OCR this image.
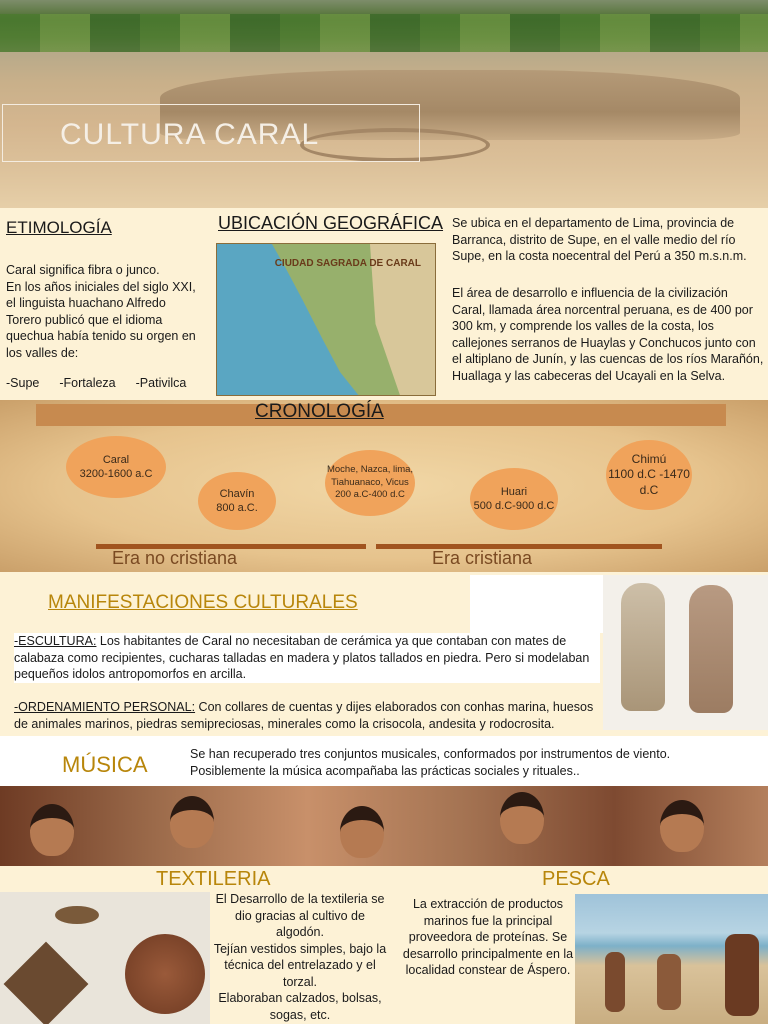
CULTURA CARAL
ETIMOLOGÍA
Caral significa fibra o junco.
En los años iniciales del siglo XXI, el linguista huachano Alfredo Torero publicó que el idioma quechua había tenido su orgen en los valles de:
-Supe -Fortaleza -Pativilca
UBICACIÓN GEOGRÁFICA
CIUDAD SAGRADA DE CARAL
Se ubica en el departamento de Lima, provincia de Barranca, distrito de Supe, en el valle medio del río Supe, en la costa noecentral del Perú a 350 m.s.n.m.
El área de desarrollo e influencia de la civilización Caral, llamada área norcentral peruana, es de 400 por 300 km, y comprende los valles de la costa, los callejones serranos de Huaylas y Conchucos junto con el altiplano de Junín, y las cuencas de los ríos Marañón, Huallaga y las cabeceras del Ucayali en la Selva.
Caral
3200-1600 a.C
Chavín
800 a.C.
Moche, Nazca, lima, Tiahuanaco, Vicus
200 a.C-400 d.C	Huari
500 d.C-900 d.C
Chimú
1100 d.C -1470 d.C
Era no cristiana	Era cristiana
CRONOLOGÍA
MANIFESTACIONES CULTURALES
-ESCULTURA: Los habitantes de Caral no necesitaban de cerámica ya que contaban con mates de calabaza como recipientes, cucharas talladas en madera y platos tallados en piedra. Pero si modelaban pequeños idolos antropomorfos en arcilla.
-ORDENAMIENTO PERSONAL: Con collares de cuentas y dijes elaborados con conhas marina, huesos de animales marinos, piedras semipreciosas, minerales como la crisocola, andesita y rodocrosita.
MÚSICA	Se han recuperado tres conjuntos musicales, conformados por instrumentos de viento. Posiblemente la música acompañaba las prácticas sociales y rituales..
TEXTILERIA
El Desarrollo de la textileria se dio gracias al cultivo de algodón.
Tejían vestidos simples, bajo la técnica del entrelazado y el torzal.
Elaboraban calzados, bolsas, sogas, etc.
PESCA
La extracción de productos marinos fue la principal proveedora de proteínas. Se desarrollo principalmente en la localidad constear de Áspero.
